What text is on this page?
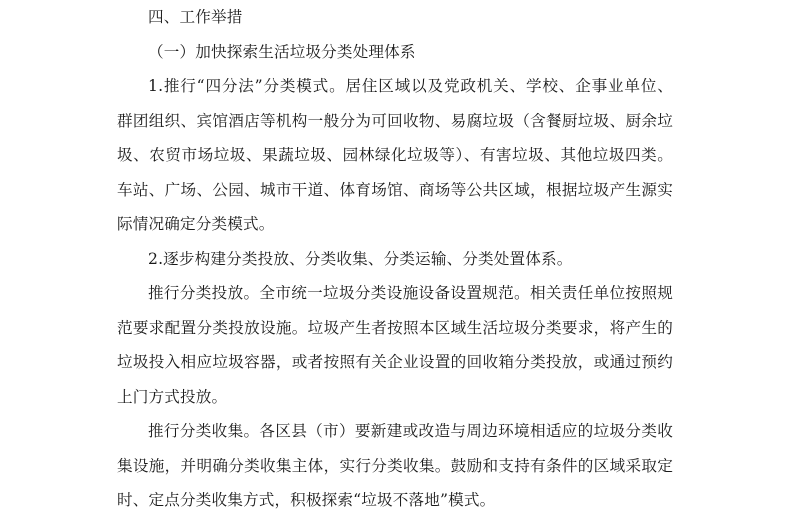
四、工作举措
（一）加快探索生活垃圾分类处理体系
1.推行“四分法”分类模式。居住区域以及党政机关、学校、企事业单位、
群团组织、宾馆酒店等机构一般分为可回收物、易腐垃圾（含餐厨垃圾、厨余垃
圾、农贸市场垃圾、果蔬垃圾、园林绿化垃圾等）、有害垃圾、其他垃圾四类。
车站、广场、公园、城市干道、体育场馆、商场等公共区域，根据垃圾产生源实
际情况确定分类模式。
2.逐步构建分类投放、分类收集、分类运输、分类处置体系。
推行分类投放。全市统一垃圾分类设施设备设置规范。相关责任单位按照规
范要求配置分类投放设施。垃圾产生者按照本区域生活垃圾分类要求，将产生的
垃圾投入相应垃圾容器，或者按照有关企业设置的回收箱分类投放，或通过预约
上门方式投放。
推行分类收集。各区县（市）要新建或改造与周边环境相适应的垃圾分类收
集设施，并明确分类收集主体，实行分类收集。鼓励和支持有条件的区域采取定
时、定点分类收集方式，积极探索“垃圾不落地”模式。
